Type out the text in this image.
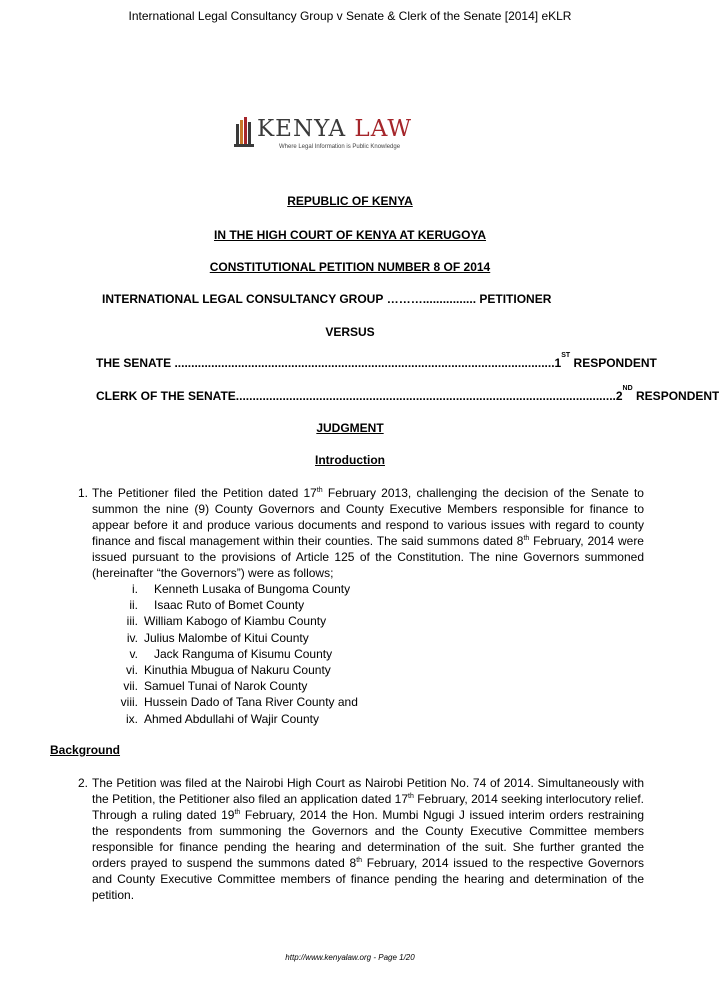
International Legal Consultancy Group v Senate & Clerk of the Senate [2014] eKLR
KENYA LAW
Where Legal Information is Public Knowledge
REPUBLIC OF KENYA
IN THE HIGH COURT OF KENYA AT KERUGOYA
CONSTITUTIONAL PETITION NUMBER 8 OF 2014
INTERNATIONAL LEGAL CONSULTANCY GROUP
………................
PETITIONER
VERSUS
THE SENATE
.................................................................................................................. 1
ST

RESPONDENT
CLERK OF THE SENATE .................................................................................................................. 2
ND

RESPONDENT
JUDGMENT
Introduction
1. The Petitioner filed the Petition dated 17th February 2013, challenging the decision of the Senate to summon the nine (9) County Governors and County Executive Members responsible for finance to appear before it and produce various documents and respond to various issues with regard to county finance and fiscal management within their counties. The said summons dated 8th February, 2014 were issued pursuant to the provisions of Article 125 of the Constitution. The nine Governors summoned (hereinafter “the Governors”) were as follows;
i.	Kenneth Lusaka of Bungoma County
ii.	Isaac Ruto of Bomet County
iii. William Kabogo of Kiambu County
iv. Julius Malombe of Kitui County
v.	Jack Ranguma of Kisumu County
vi. Kinuthia Mbugua of Nakuru County
vii. Samuel Tunai of Narok County
viii. Hussein Dado of Tana River County and
ix. Ahmed Abdullahi of Wajir County
Background
2. The Petition was filed at the Nairobi High Court as Nairobi Petition No. 74 of 2014. Simultaneously with the Petition, the Petitioner also filed an application dated 17th February, 2014 seeking interlocutory relief. Through a ruling dated 19th February, 2014 the Hon. Mumbi Ngugi J issued interim orders restraining the respondents from summoning the Governors and the County Executive Committee members responsible for finance pending the hearing and determination of the suit. She further granted the orders prayed to suspend the summons dated 8th February, 2014 issued to the respective Governors and County Executive Committee members of finance pending the hearing and determination of the petition.
http://www.kenyalaw.org - Page 1/20
